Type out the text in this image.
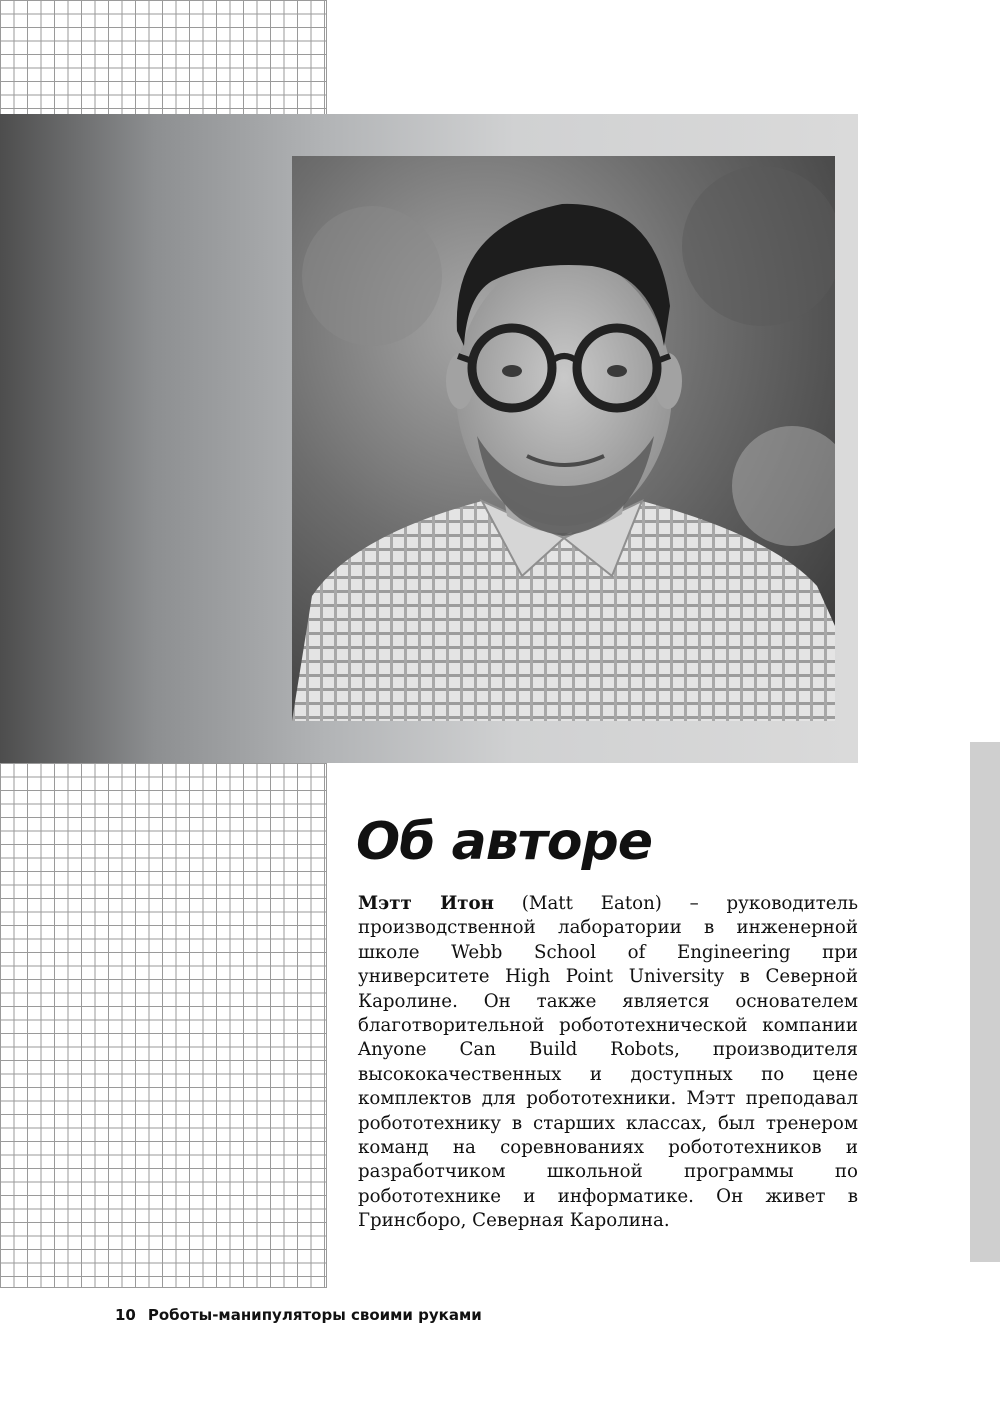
Об авторе

Мэтт Итон (Matt Eaton) – руководитель производственной лаборатории в инженерной школе Webb School of Engineering при университете High Point University в Северной Каролине. Он также является основателем благотворительной робототехнической компании Anyone Can Build Robots, производителя высококачественных и доступных по цене комплектов для робототехники. Мэтт преподавал робототехнику в старших классах, был тренером команд на соревнованиях робототехников и разработчиком школьной программы по робототехнике и информатике. Он живет в Гринсборо, Северная Каролина.

10 Роботы-манипуляторы своими руками
